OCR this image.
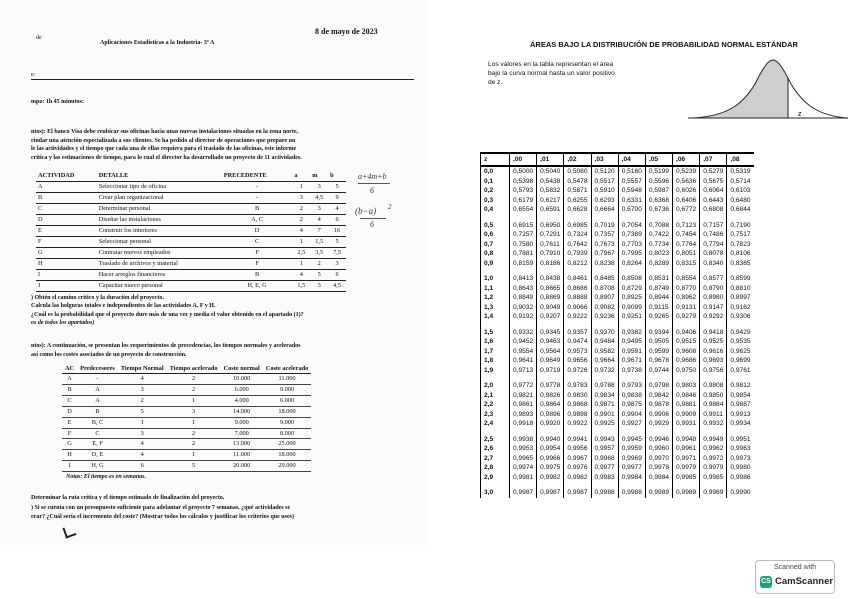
de
8 de mayo de 2023
Aplicaciones Estadísticas a la Industria- 3º A
e:
mpo: 1h 45 minutos:
ntos): El banco Visa debe reubicar sus oficinas hacia unas nuevas instalaciones situadas en la zona norte,
rindar una atención especializada a sus clientes. Se ha pedido al director de operaciones que prepare un
le las actividades y el tiempo que cada una de ellas requiera para el traslado de las oficinas, este informe
crítica y las estimaciones de tiempo, para lo cual el director ha desarrollado un proyecto de 11 actividades.
ACTIVIDAD	DETALLE	PRECEDENTE	a	m	b
A	Seleccionar tipo de oficina	-	1	3	5
B	Crear plan organizacional	-	3	4,5	9
C	Determinar personal	B	2	3	4
D	Diseñar las instalaciones	A, C	2	4	6
E	Construir los interiores	D	4	7	16
F	Seleccionar personal	C	1	1,5	5
G	Contratar nuevos empleados	F	2,5	3,5	7,5
H	Traslado de archivos y material	F	1	2	3
I	Hacer arreglos financieros	B	4	5	6
J	Capacitar nuevo personal	H, E, G	1,5	3	4,5
a+4m+b
6
(b−a) 2
6
) Obtén el camino crítico y la duración del proyecto.
Calcula las holguras totales e independientes de las actividades A, F y H.
¿Cuál es la probabilidad que el proyecto dure más de una vez y media el valor obtenido en el apartado (1)?
os de todos los apartados)
ntos): A continuación, se presentan los requerimientos de precedencias, los tiempos normales y acelerados
así como los costes asociados de un proyecto de construcción.
AC	Predecesores	Tiempo Normal	Tiempo acelerado	Coste normal	Coste acelerado
A	-	4	2	10.000	11.000
B	A	3	2	6.000	9.000
C	A	2	1	4.000	6.000
D	B	5	3	14.000	18.000
E	B, C	1	1	9.000	9.000
F	C	3	2	7.000	8.000
G	E, F	4	2	13.000	25.000
H	D, E	4	1	11.000	18.000
I	H, G	6	5	20.000	29.000
Notas: El tiempo es en semanas.
Determinar la ruta crítica y el tiempo estimado de finalización del proyecto.
) Si se cuenta con un presupuesto suficiente para adelantar el proyecto 7 semanas, ¿qué actividades se
erar? ¿Cuál sería el incremento del coste? (Mostrar todos los cálculos y justificar los criterios que uses)
ÁREAS BAJO LA DISTRIBUCIÓN DE PROBABILIDAD NORMAL ESTÁNDAR
Los valores en la tabla representan el área
bajo la curva normal hasta un valor positivo
de z.
z
z	,00	,01	,02	,03	,04	,05	,06	,07	,08
0,0	0,5000	0,5040	0,5080	0,5120	0,5160	0,5199	0,5239	0,5279	0,5319
0,1	0,5398	0,5438	0,5478	0,5517	0,5557	0,5596	0,5636	0,5675	0,5714
0,2	0,5793	0,5832	0,5871	0,5910	0,5948	0,5987	0,6026	0,6064	0,6103
0,3	0,6179	0,6217	0,6255	0,6293	0,6331	0,6368	0,6406	0,6443	0,6480
0,4	0,6554	0,6591	0,6628	0,6664	0,6700	0,6736	0,6772	0,6808	0,6844

0,5	0,6915	0,6950	0,6985	0,7019	0,7054	0,7088	0,7123	0,7157	0,7190
0,6	0,7257	0,7291	0,7324	0,7357	0,7389	0,7422	0,7454	0,7486	0,7517
0,7	0,7580	0,7611	0,7642	0,7673	0,7703	0,7734	0,7764	0,7794	0,7823
0,8	0,7881	0,7910	0,7939	0,7967	0,7995	0,8023	0,8051	0,8078	0,8106
0,9	0,8159	0,8186	0,8212	0,8238	0,8264	0,8289	0,8315	0,8340	0,8365

1,0	0,8413	0,8438	0,8461	0,8485	0,8508	0,8531	0,8554	0,8577	0,8599
1,1	0,8643	0,8665	0,8686	0,8708	0,8729	0,8749	0,8770	0,8790	0,8810
1,2	0,8849	0,8869	0,8888	0,8907	0,8925	0,8944	0,8962	0,8980	0,8997
1,3	0,9032	0,9049	0,9066	0,9082	0,9099	0,9115	0,9131	0,9147	0,9162
1,4	0,9192	0,9207	0,9222	0,9236	0,9251	0,9265	0,9279	0,9292	0,9306

1,5	0,9332	0,9345	0,9357	0,9370	0,9382	0,9394	0,9406	0,9418	0,9429
1,6	0,9452	0,9463	0,9474	0,9484	0,9495	0,9505	0,9515	0,9525	0,9535
1,7	0,9554	0,9564	0,9573	0,9582	0,9591	0,9599	0,9608	0,9616	0,9625
1,8	0,9641	0,9649	0,9656	0,9664	0,9671	0,9678	0,9686	0,9693	0,9699
1,9	0,9713	0,9719	0,9726	0,9732	0,9738	0,9744	0,9750	0,9756	0,9761

2,0	0,9772	0,9778	0,9783	0,9788	0,9793	0,9798	0,9803	0,9808	0,9812
2,1	0,9821	0,9826	0,9830	0,9834	0,9838	0,9842	0,9846	0,9850	0,9854
2,2	0,9861	0,9864	0,9868	0,9871	0,9875	0,9878	0,9881	0,9884	0,9887
2,3	0,9893	0,9896	0,9898	0,9901	0,9904	0,9906	0,9909	0,9911	0,9913
2,4	0,9918	0,9920	0,9922	0,9925	0,9927	0,9929	0,9931	0,9932	0,9934

2,5	0,9938	0,9940	0,9941	0,9943	0,9945	0,9946	0,9948	0,9949	0,9951
2,6	0,9953	0,9954	0,9956	0,9957	0,9959	0,9960	0,9961	0,9962	0,9963
2,7	0,9965	0,9966	0,9967	0,9968	0,9969	0,9970	0,9971	0,9972	0,9973
2,8	0,9974	0,9975	0,9976	0,9977	0,9977	0,9978	0,9979	0,9979	0,9980
2,9	0,9981	0,9982	0,9982	0,9983	0,9984	0,9984	0,9985	0,9985	0,9986

3,0	0,9987	0,9987	0,9987	0,9988	0,9988	0,9989	0,9989	0,9989	0,9990
Scanned with
CS CamScanner
